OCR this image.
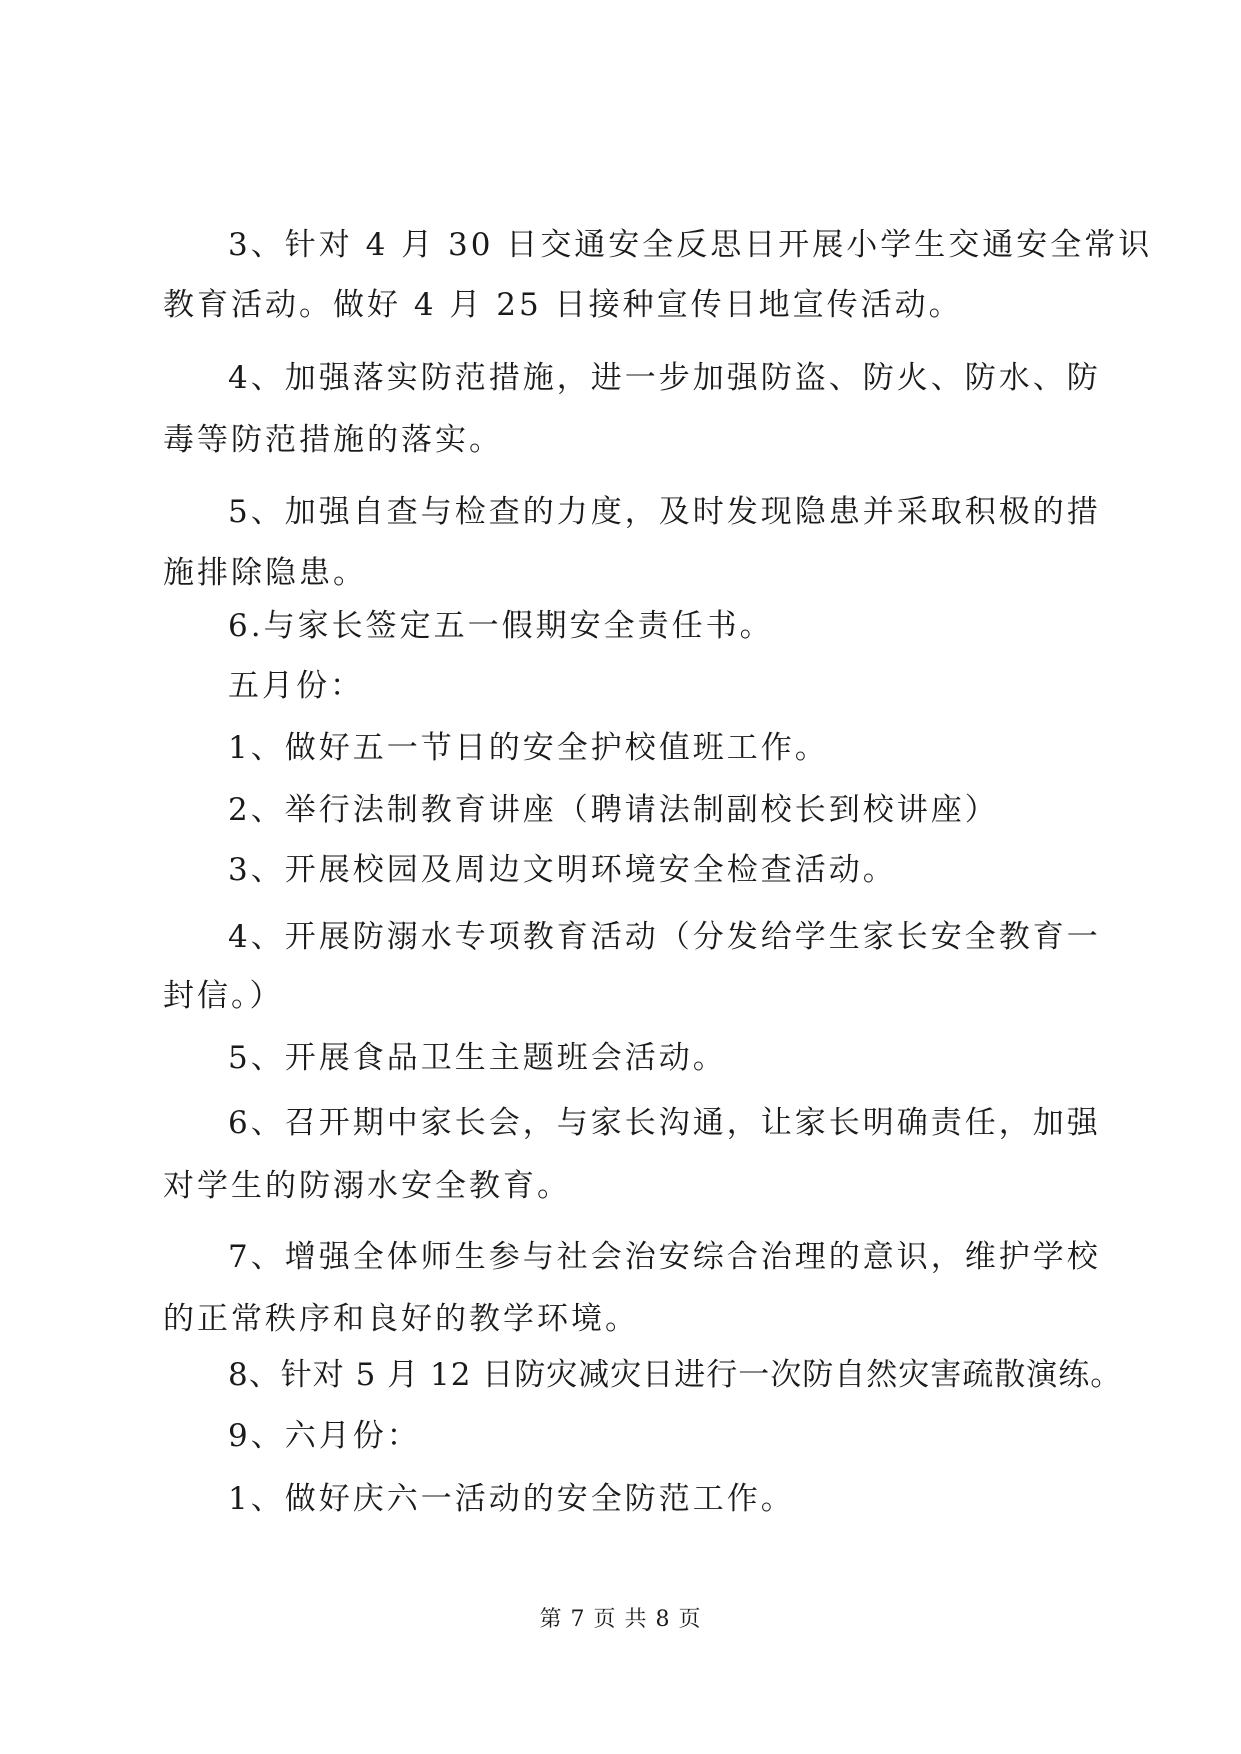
3、针对 4 月 30 日交通安全反思日开展小学生交通安全常识
教育活动。做好 4 月 25 日接种宣传日地宣传活动。
4、加强落实防范措施，进一步加强防盗、防火、防水、防
毒等防范措施的落实。
5、加强自查与检查的力度，及时发现隐患并采取积极的措
施排除隐患。
6.与家长签定五一假期安全责任书。
五月份：
1、做好五一节日的安全护校值班工作。
2、举行法制教育讲座（聘请法制副校长到校讲座）
3、开展校园及周边文明环境安全检查活动。
4、开展防溺水专项教育活动（分发给学生家长安全教育一
封信。）
5、开展食品卫生主题班会活动。
6、召开期中家长会，与家长沟通，让家长明确责任，加强
对学生的防溺水安全教育。
7、增强全体师生参与社会治安综合治理的意识，维护学校
的正常秩序和良好的教学环境。
8、针对 5 月 12 日防灾减灾日进行一次防自然灾害疏散演练。
9、六月份：
1、做好庆六一活动的安全防范工作。
第 7 页 共 8 页
